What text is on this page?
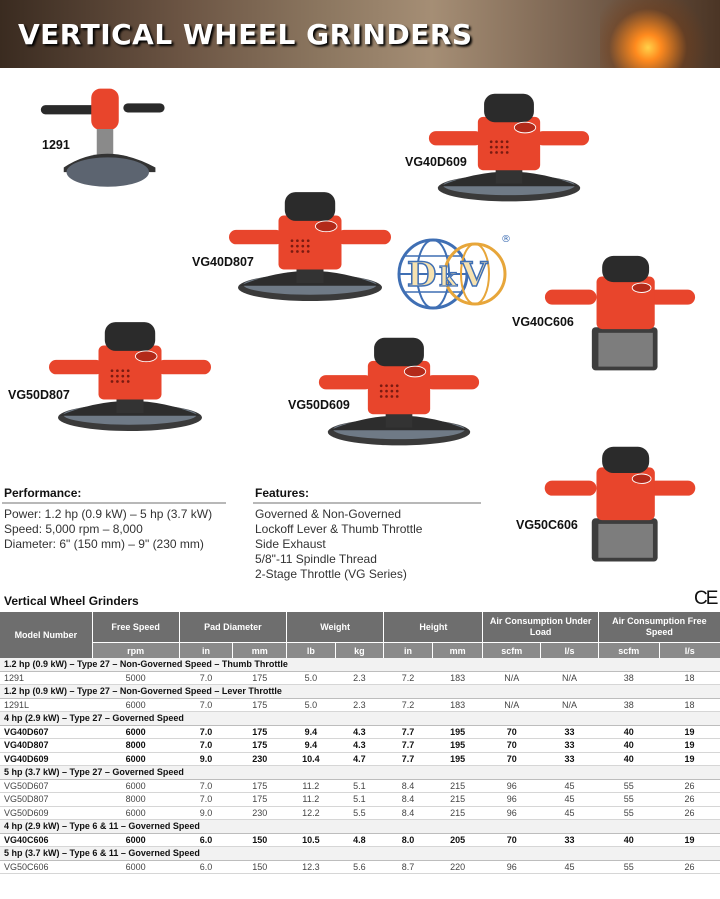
VERTICAL WHEEL GRINDERS
1291
VG40D609
VG40D807
VG40C606
VG50D807
VG50D609
VG50C606
D k V
®
Performance:
Power: 1.2 hp (0.9 kW) – 5 hp (3.7 kW)
Speed: 5,000 rpm – 8,000
Diameter: 6" (150 mm) – 9" (230 mm)
Features:
Governed & Non-Governed
Lockoff Lever & Thumb Throttle
Side Exhaust
5/8"-11 Spindle Thread
2-Stage Throttle (VG Series)
Vertical Wheel Grinders	CE
Model Number	Free Speed	Pad Diameter		Weight		Height		Air Consumption Under Load		Air Consumption Free Speed	
	rpm	in	mm	lb	kg	in	mm	scfm	l/s	scfm	l/s
1.2 hp (0.9 kW) – Type 27 – Non-Governed Speed – Thumb Throttle											
1291	5000	7.0	175	5.0	2.3	7.2	183	N/A	N/A	38	18
1.2 hp (0.9 kW) – Type 27 – Non-Governed Speed – Lever Throttle											
1291L	6000	7.0	175	5.0	2.3	7.2	183	N/A	N/A	38	18
4 hp (2.9 kW) – Type 27 – Governed Speed											
VG40D607	6000	7.0	175	9.4	4.3	7.7	195	70	33	40	19
VG40D807	8000	7.0	175	9.4	4.3	7.7	195	70	33	40	19
VG40D609	6000	9.0	230	10.4	4.7	7.7	195	70	33	40	19
5 hp (3.7 kW) – Type 27 – Governed Speed											
VG50D607	6000	7.0	175	11.2	5.1	8.4	215	96	45	55	26
VG50D807	8000	7.0	175	11.2	5.1	8.4	215	96	45	55	26
VG50D609	6000	9.0	230	12.2	5.5	8.4	215	96	45	55	26
4 hp (2.9 kW) – Type 6 & 11 – Governed Speed											
VG40C606	6000	6.0	150	10.5	4.8	8.0	205	70	33	40	19
5 hp (3.7 kW) – Type 6 & 11 – Governed Speed											
VG50C606	6000	6.0	150	12.3	5.6	8.7	220	96	45	55	26
